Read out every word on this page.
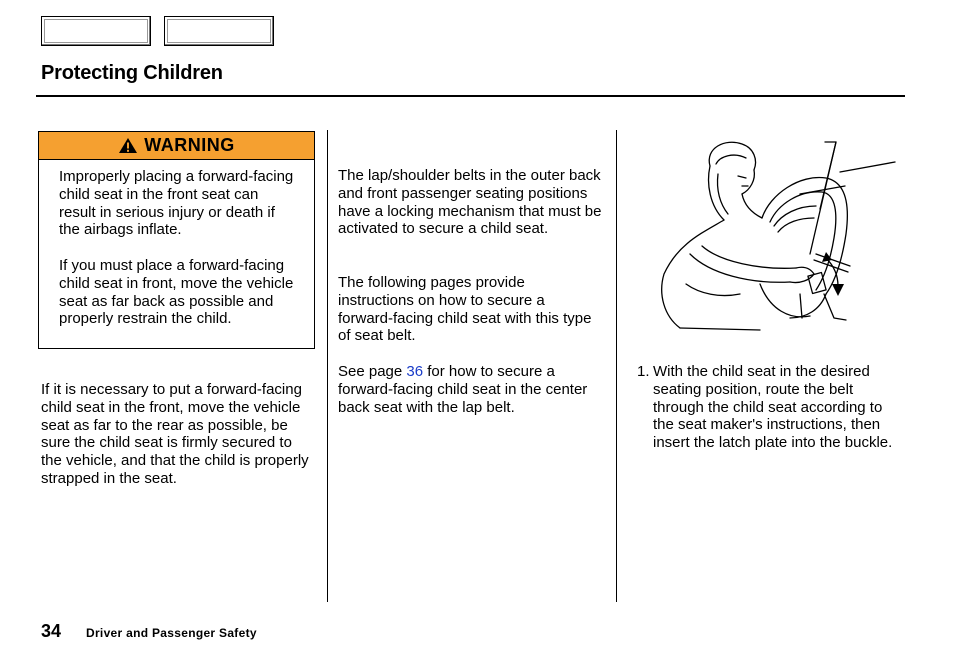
Protecting Children
WARNING

Improperly placing a forward-facing child seat in the front seat can result in serious injury or death if the airbags inflate.

If you must place a forward-facing child seat in front, move the vehicle seat as far back as possible and properly restrain the child.

If it is necessary to put a forward-facing child seat in the front, move the vehicle seat as far to the rear as possible, be sure the child seat is firmly secured to the vehicle, and that the child is properly strapped in the seat.

The lap/shoulder belts in the outer back and front passenger seating positions have a locking mechanism that must be activated to secure a child seat.

The following pages provide instructions on how to secure a forward-facing child seat with this type of seat belt.

See page 36 for how to secure a forward-facing child seat in the center back seat with the lap belt.

1. With the child seat in the desired seating position, route the belt through the child seat according to the seat maker's instructions, then insert the latch plate into the buckle.

34 Driver and Passenger Safety
